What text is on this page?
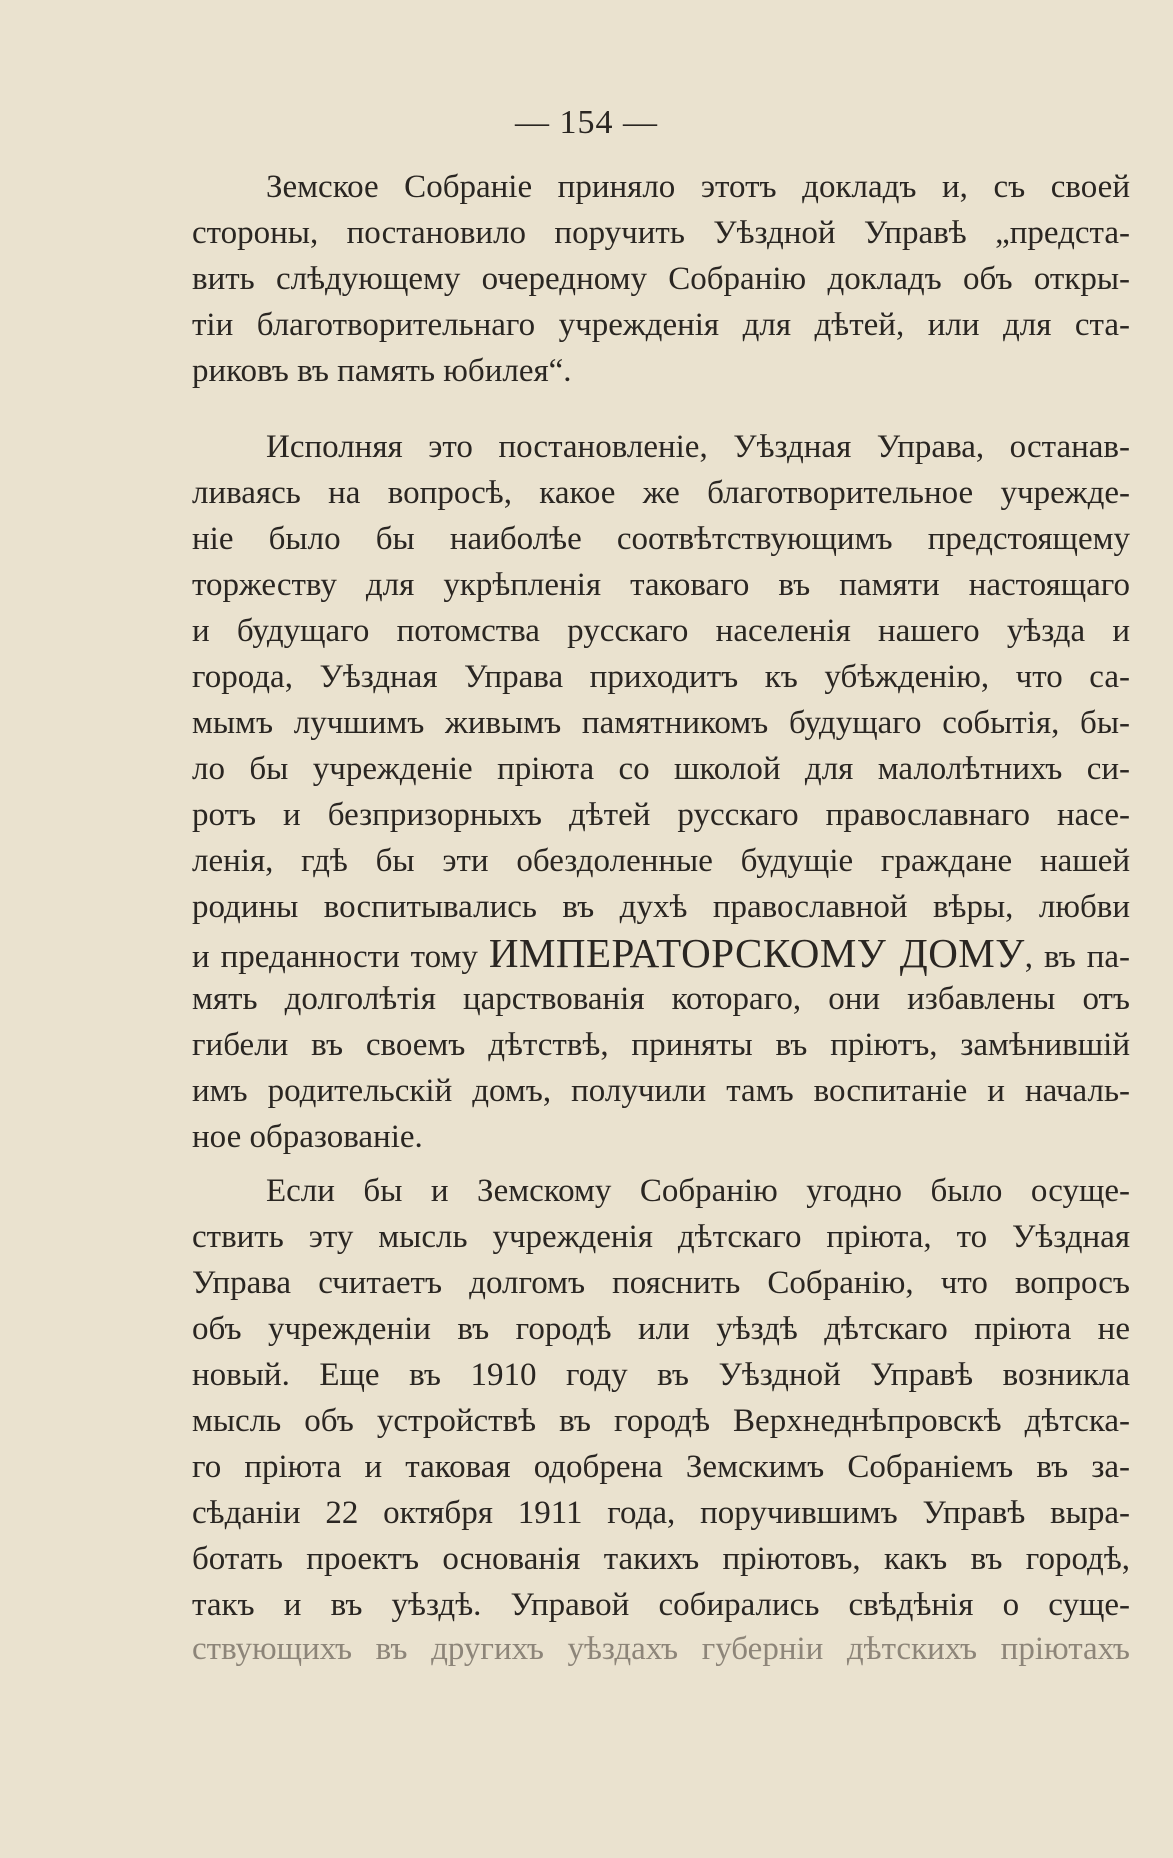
— 154 —
Земское Собраніе приняло этотъ докладъ и, съ своей
стороны, постановило поручить Уѣздной Управѣ „предста-
вить слѣдующему очередному Собранію докладъ объ откры-
тіи благотворительнаго учрежденія для дѣтей, или для ста-
риковъ въ память юбилея“.
Исполняя это постановленіе, Уѣздная Управа, останав-
ливаясь на вопросѣ, какое же благотворительное учрежде-
ніе было бы наиболѣе соотвѣтствующимъ предстоящему
торжеству для укрѣпленія таковаго въ памяти настоящаго
и будущаго потомства русскаго населенія нашего уѣзда и
города, Уѣздная Управа приходитъ къ убѣжденію, что са-
мымъ лучшимъ живымъ памятникомъ будущаго событія, бы-
ло бы учрежденіе пріюта со школой для малолѣтнихъ си-
ротъ и безпризорныхъ дѣтей русскаго православнаго насе-
ленія, гдѣ бы эти обездоленные будущіе граждане нашей
родины воспитывались въ духѣ православной вѣры, любви
и преданности тому ИМПЕРАТОРСКОМУ ДОМУ, въ па-
мять долголѣтія царствованія котораго, они избавлены отъ
гибели въ своемъ дѣтствѣ, приняты въ пріютъ, замѣнившій
имъ родительскій домъ, получили тамъ воспитаніе и началь-
ное образованіе.
Если бы и Земскому Собранію угодно было осуще-
ствить эту мысль учрежденія дѣтскаго пріюта, то Уѣздная
Управа считаетъ долгомъ пояснить Собранію, что вопросъ
объ учрежденіи въ городѣ или уѣздѣ дѣтскаго пріюта не
новый. Еще въ 1910 году въ Уѣздной Управѣ возникла
мысль объ устройствѣ въ городѣ Верхнеднѣпровскѣ дѣтска-
го пріюта и таковая одобрена Земскимъ Собраніемъ въ за-
сѣданіи 22 октября 1911 года, поручившимъ Управѣ выра-
ботать проектъ основанія такихъ пріютовъ, какъ въ городѣ,
такъ и въ уѣздѣ. Управой собирались свѣдѣнія о суще-
ствующихъ въ другихъ уѣздахъ губерніи дѣтскихъ пріютахъ
